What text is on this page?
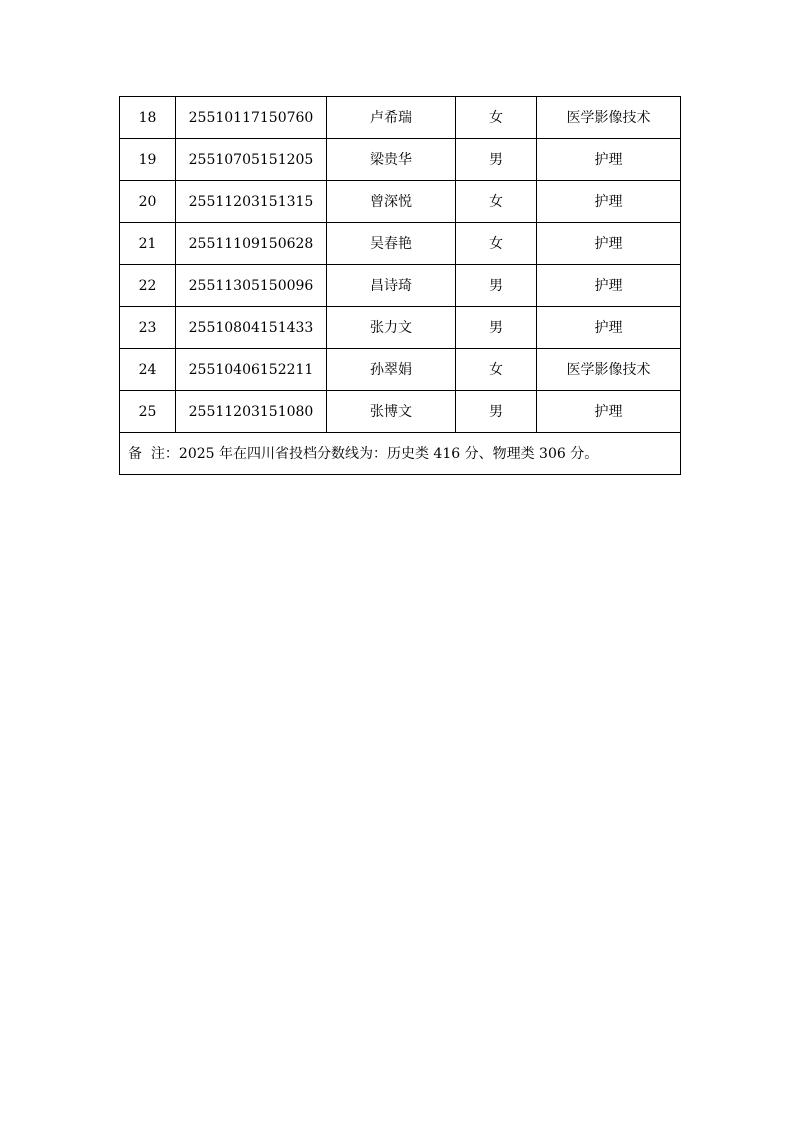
18	25510117150760	卢希瑞	女	医学影像技术
19	25510705151205	梁贵华	男	护理
20	25511203151315	曾深悦	女	护理
21	25511109150628	吴春艳	女	护理
22	25511305150096	昌诗琦	男	护理
23	25510804151433	张力文	男	护理
24	25510406152211	孙翠娟	女	医学影像技术
25	25511203151080	张博文	男	护理
备  注：2025 年在四川省投档分数线为：历史类 416 分、物理类 306 分。				
